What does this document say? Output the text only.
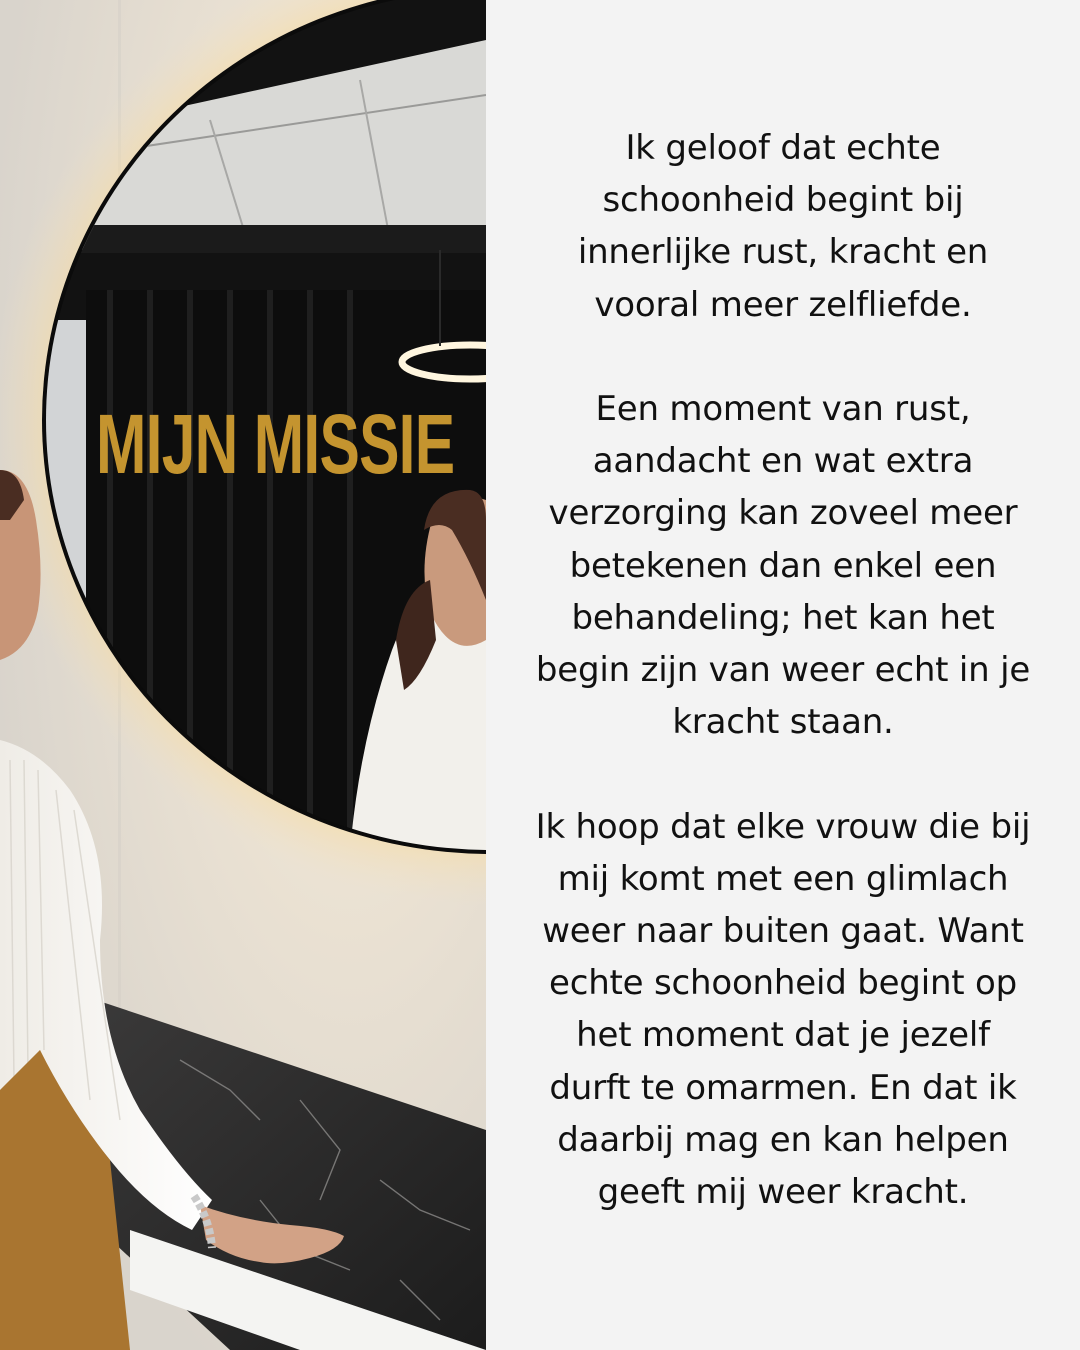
MIJN MISSIE

Ik geloof dat echte
schoonheid begint bij
innerlijke rust, kracht en
vooral meer zelfliefde.

Een moment van rust,
aandacht en wat extra
verzorging kan zoveel meer
betekenen dan enkel een
behandeling; het kan het
begin zijn van weer echt in je
kracht staan.

Ik hoop dat elke vrouw die bij
mij komt met een glimlach
weer naar buiten gaat. Want
echte schoonheid begint op
het moment dat je jezelf
durft te omarmen. En dat ik
daarbij mag en kan helpen
geeft mij weer kracht.
